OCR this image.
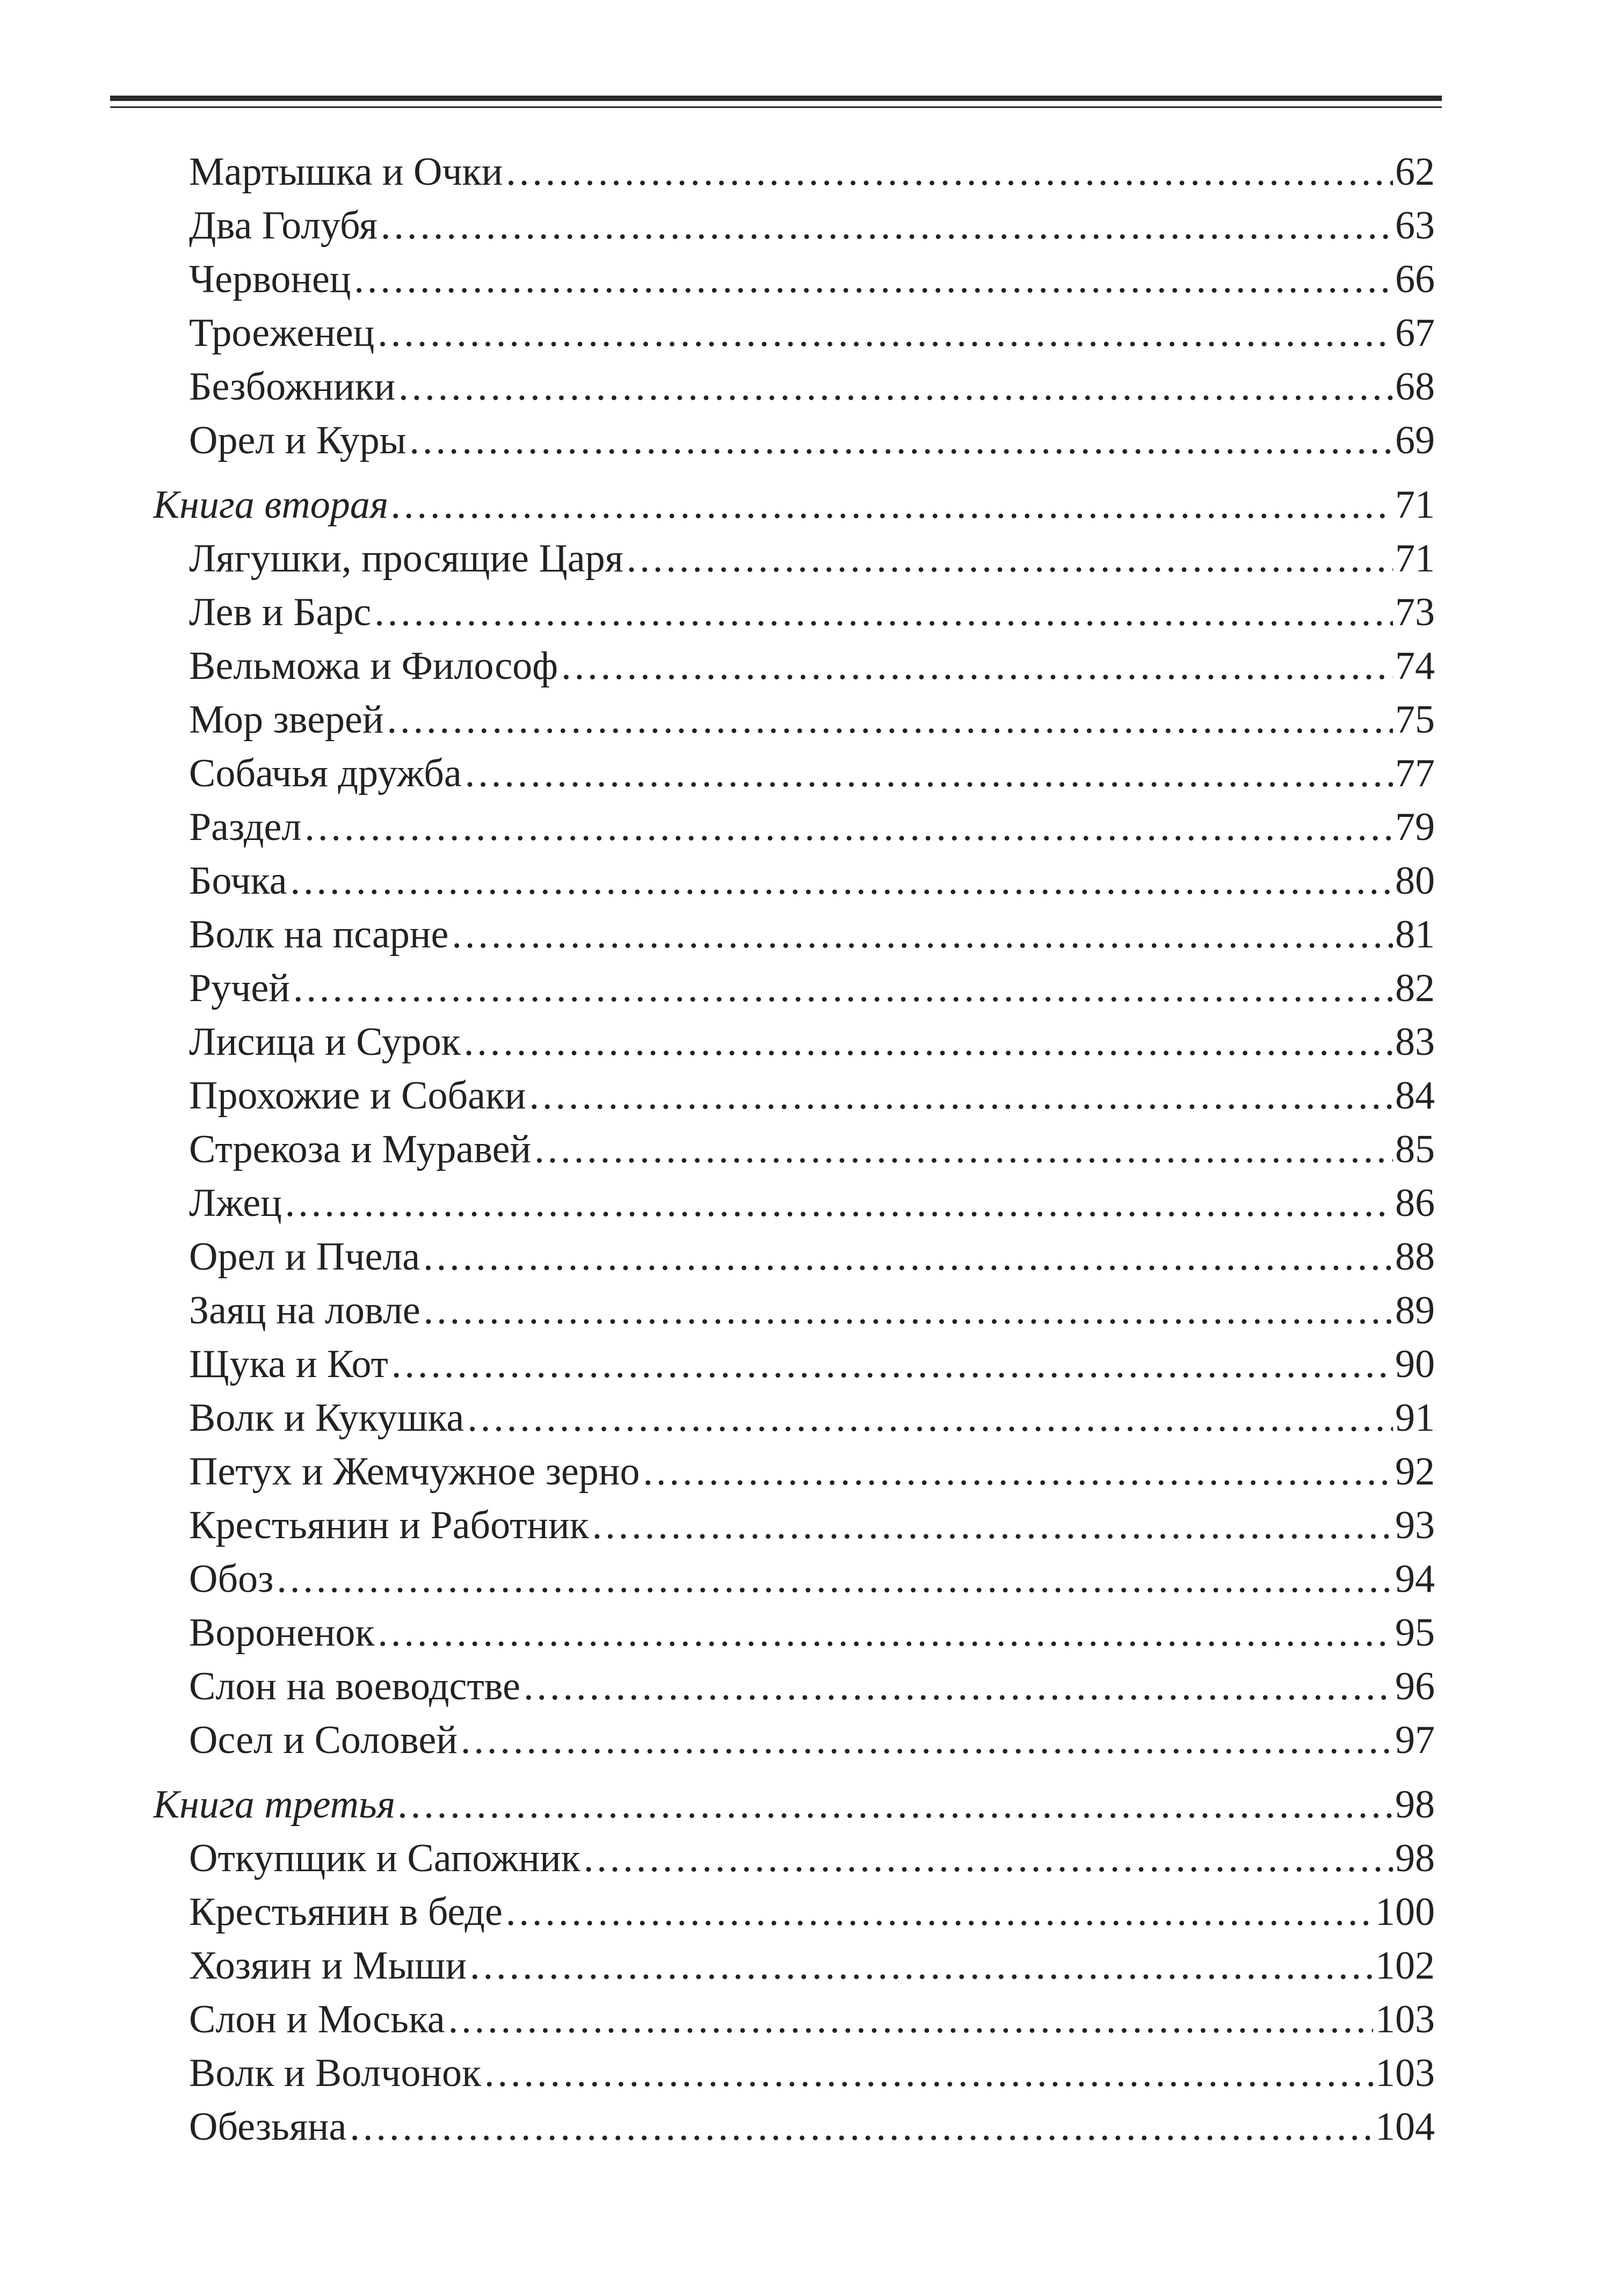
Мартышка и Очки .....	62
Два Голубя .....	63
Червонец .....	66
Троеженец .....	67
Безбожники .....	68
Орел и Куры .....	69
Книга вторая .....	71
Лягушки, просящие Царя .....	71
Лев и Барс .....	73
Вельможа и Философ .....	74
Мор зверей .....	75
Собачья дружба .....	77
Раздел .....	79
Бочка .....	80
Волк на псарне .....	81
Ручей .....	82
Лисица и Сурок .....	83
Прохожие и Собаки .....	84
Стрекоза и Муравей .....	85
Лжец .....	86
Орел и Пчела .....	88
Заяц на ловле .....	89
Щука и Кот .....	90
Волк и Кукушка .....	91
Петух и Жемчужное зерно .....	92
Крестьянин и Работник .....	93
Обоз .....	94
Вороненок .....	95
Слон на воеводстве .....	96
Осел и Соловей .....	97
Книга третья .....	98
Откупщик и Сапожник .....	98
Крестьянин в беде .....	100
Хозяин и Мыши .....	102
Слон и Моська .....	103
Волк и Волчонок .....	103
Обезьяна .....	104
